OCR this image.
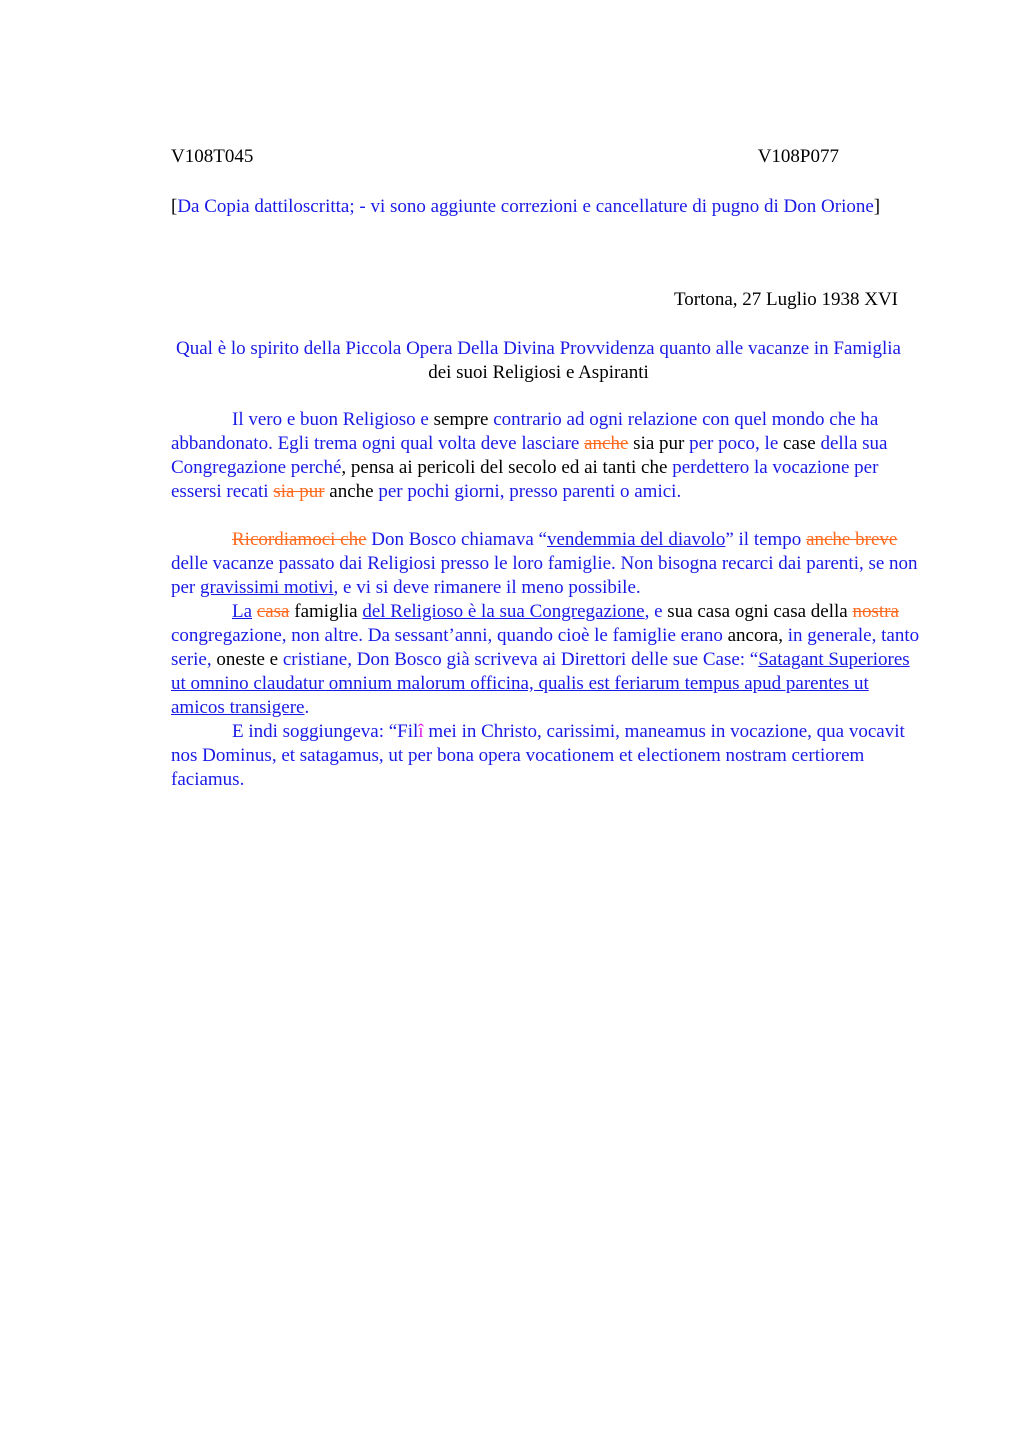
V108T045	V108P077
[Da Copia dattiloscritta; - vi sono aggiunte correzioni e cancellature di pugno di Don Orione]
Tortona, 27 Luglio 1938 XVI
Qual è lo spirito della Piccola Opera Della Divina Provvidenza quanto alle vacanze in Famiglia dei suoi Religiosi e Aspiranti

Il vero e buon Religioso e sempre contrario ad ogni relazione con quel mondo che ha abbandonato. Egli trema ogni qual volta deve lasciare anche sia pur per poco, le case della sua Congregazione perché, pensa ai pericoli del secolo ed ai tanti che perdettero la vocazione per essersi recati sia pur anche per pochi giorni, presso parenti o amici.

Ricordiamoci che Don Bosco chiamava “vendemmia del diavolo” il tempo anche breve delle vacanze passato dai Religiosi presso le loro famiglie. Non bisogna recarci dai parenti, se non per gravissimi motivi, e vi si deve rimanere il meno possibile.

La casa famiglia del Religioso è la sua Congregazione, e sua casa ogni casa della nostra congregazione, non altre. Da sessant’anni, quando cioè le famiglie erano ancora, in generale, tanto serie, oneste e cristiane, Don Bosco già scriveva ai Direttori delle sue Case: “Satagant Superiores ut omnino claudatur omnium malorum officina, qualis est feriarum tempus apud parentes ut amicos transigere.

E indi soggiungeva: “Filî mei in Christo, carissimi, maneamus in vocazione, qua vocavit nos Dominus, et satagamus, ut per bona opera vocationem et electionem nostram certiorem faciamus.
